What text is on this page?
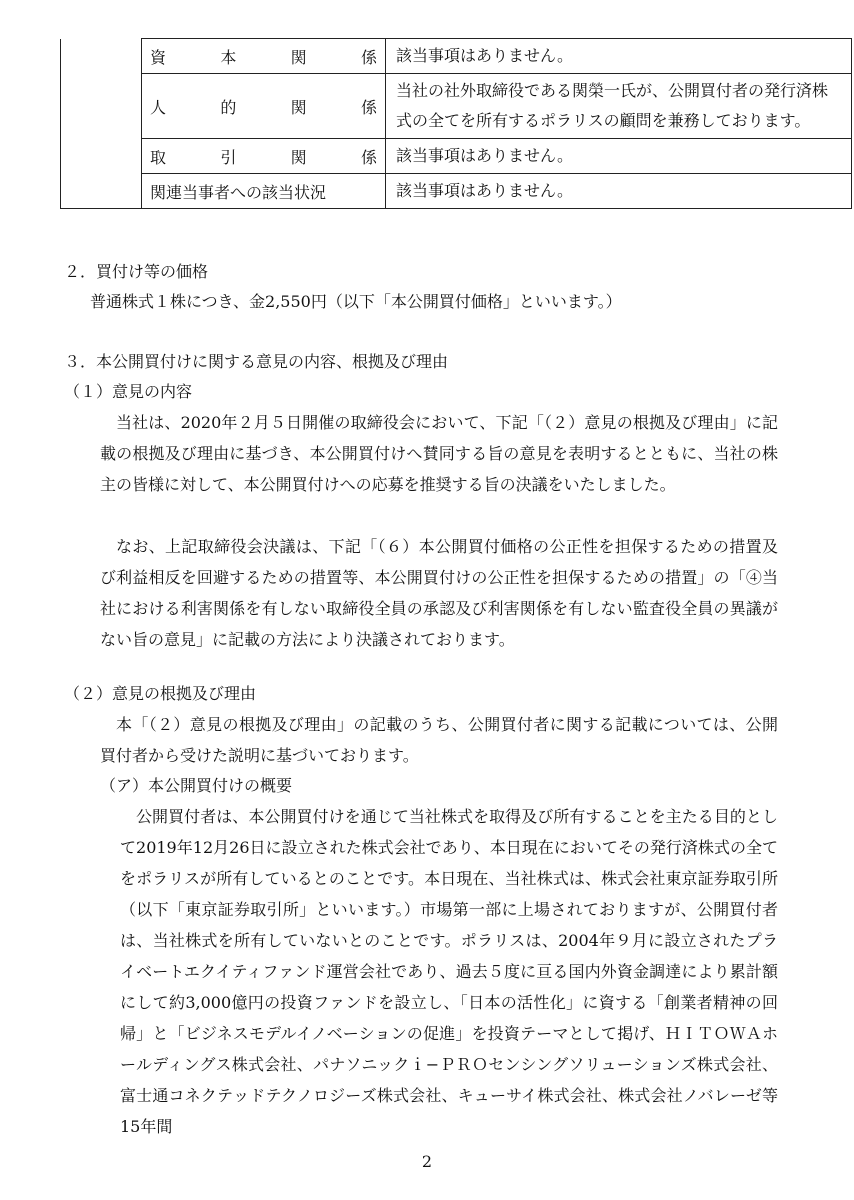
	資 本 関 係	該当事項はありません。

	人 的 関 係	当社の社外取締役である関榮一氏が、公開買付者の発行済株式の全てを所有するポラリスの顧問を兼務しております。

	取 引 関 係	該当事項はありません。
	関連当事者への該当状況	該当事項はありません。
２．買付け等の価格
普通株式１株につき、金2,550円（以下「本公開買付価格」といいます。）
３．本公開買付けに関する意見の内容、根拠及び理由
（１）意見の内容
当社は、2020年２月５日開催の取締役会において、下記「（２）意見の根拠及び理由」に記載の根拠及び理由に基づき、本公開買付けへ賛同する旨の意見を表明するとともに、当社の株主の皆様に対して、本公開買付けへの応募を推奨する旨の決議をいたしました。
なお、上記取締役会決議は、下記「（６）本公開買付価格の公正性を担保するための措置及び利益相反を回避するための措置等、本公開買付けの公正性を担保するための措置」の「④当社における利害関係を有しない取締役全員の承認及び利害関係を有しない監査役全員の異議がない旨の意見」に記載の方法により決議されております。
（２）意見の根拠及び理由
本「（２）意見の根拠及び理由」の記載のうち、公開買付者に関する記載については、公開買付者から受けた説明に基づいております。
（ア）本公開買付けの概要
公開買付者は、本公開買付けを通じて当社株式を取得及び所有することを主たる目的として2019年12月26日に設立された株式会社であり、本日現在においてその発行済株式の全てをポラリスが所有しているとのことです。本日現在、当社株式は、株式会社東京証券取引所（以下「東京証券取引所」といいます。）市場第一部に上場されておりますが、公開買付者は、当社株式を所有していないとのことです。ポラリスは、2004年９月に設立されたプライベートエクイティファンド運営会社であり、過去５度に亘る国内外資金調達により累計額にして約3,000億円の投資ファンドを設立し、「日本の活性化」に資する「創業者精神の回帰」と「ビジネスモデルイノベーションの促進」を投資テーマとして掲げ、ＨＩＴＯＷＡホールディングス株式会社、パナソニックｉ−ＰＲＯセンシングソリューションズ株式会社、富士通コネクテッドテクノロジーズ株式会社、キューサイ株式会社、株式会社ノバレーゼ等15年間
2
